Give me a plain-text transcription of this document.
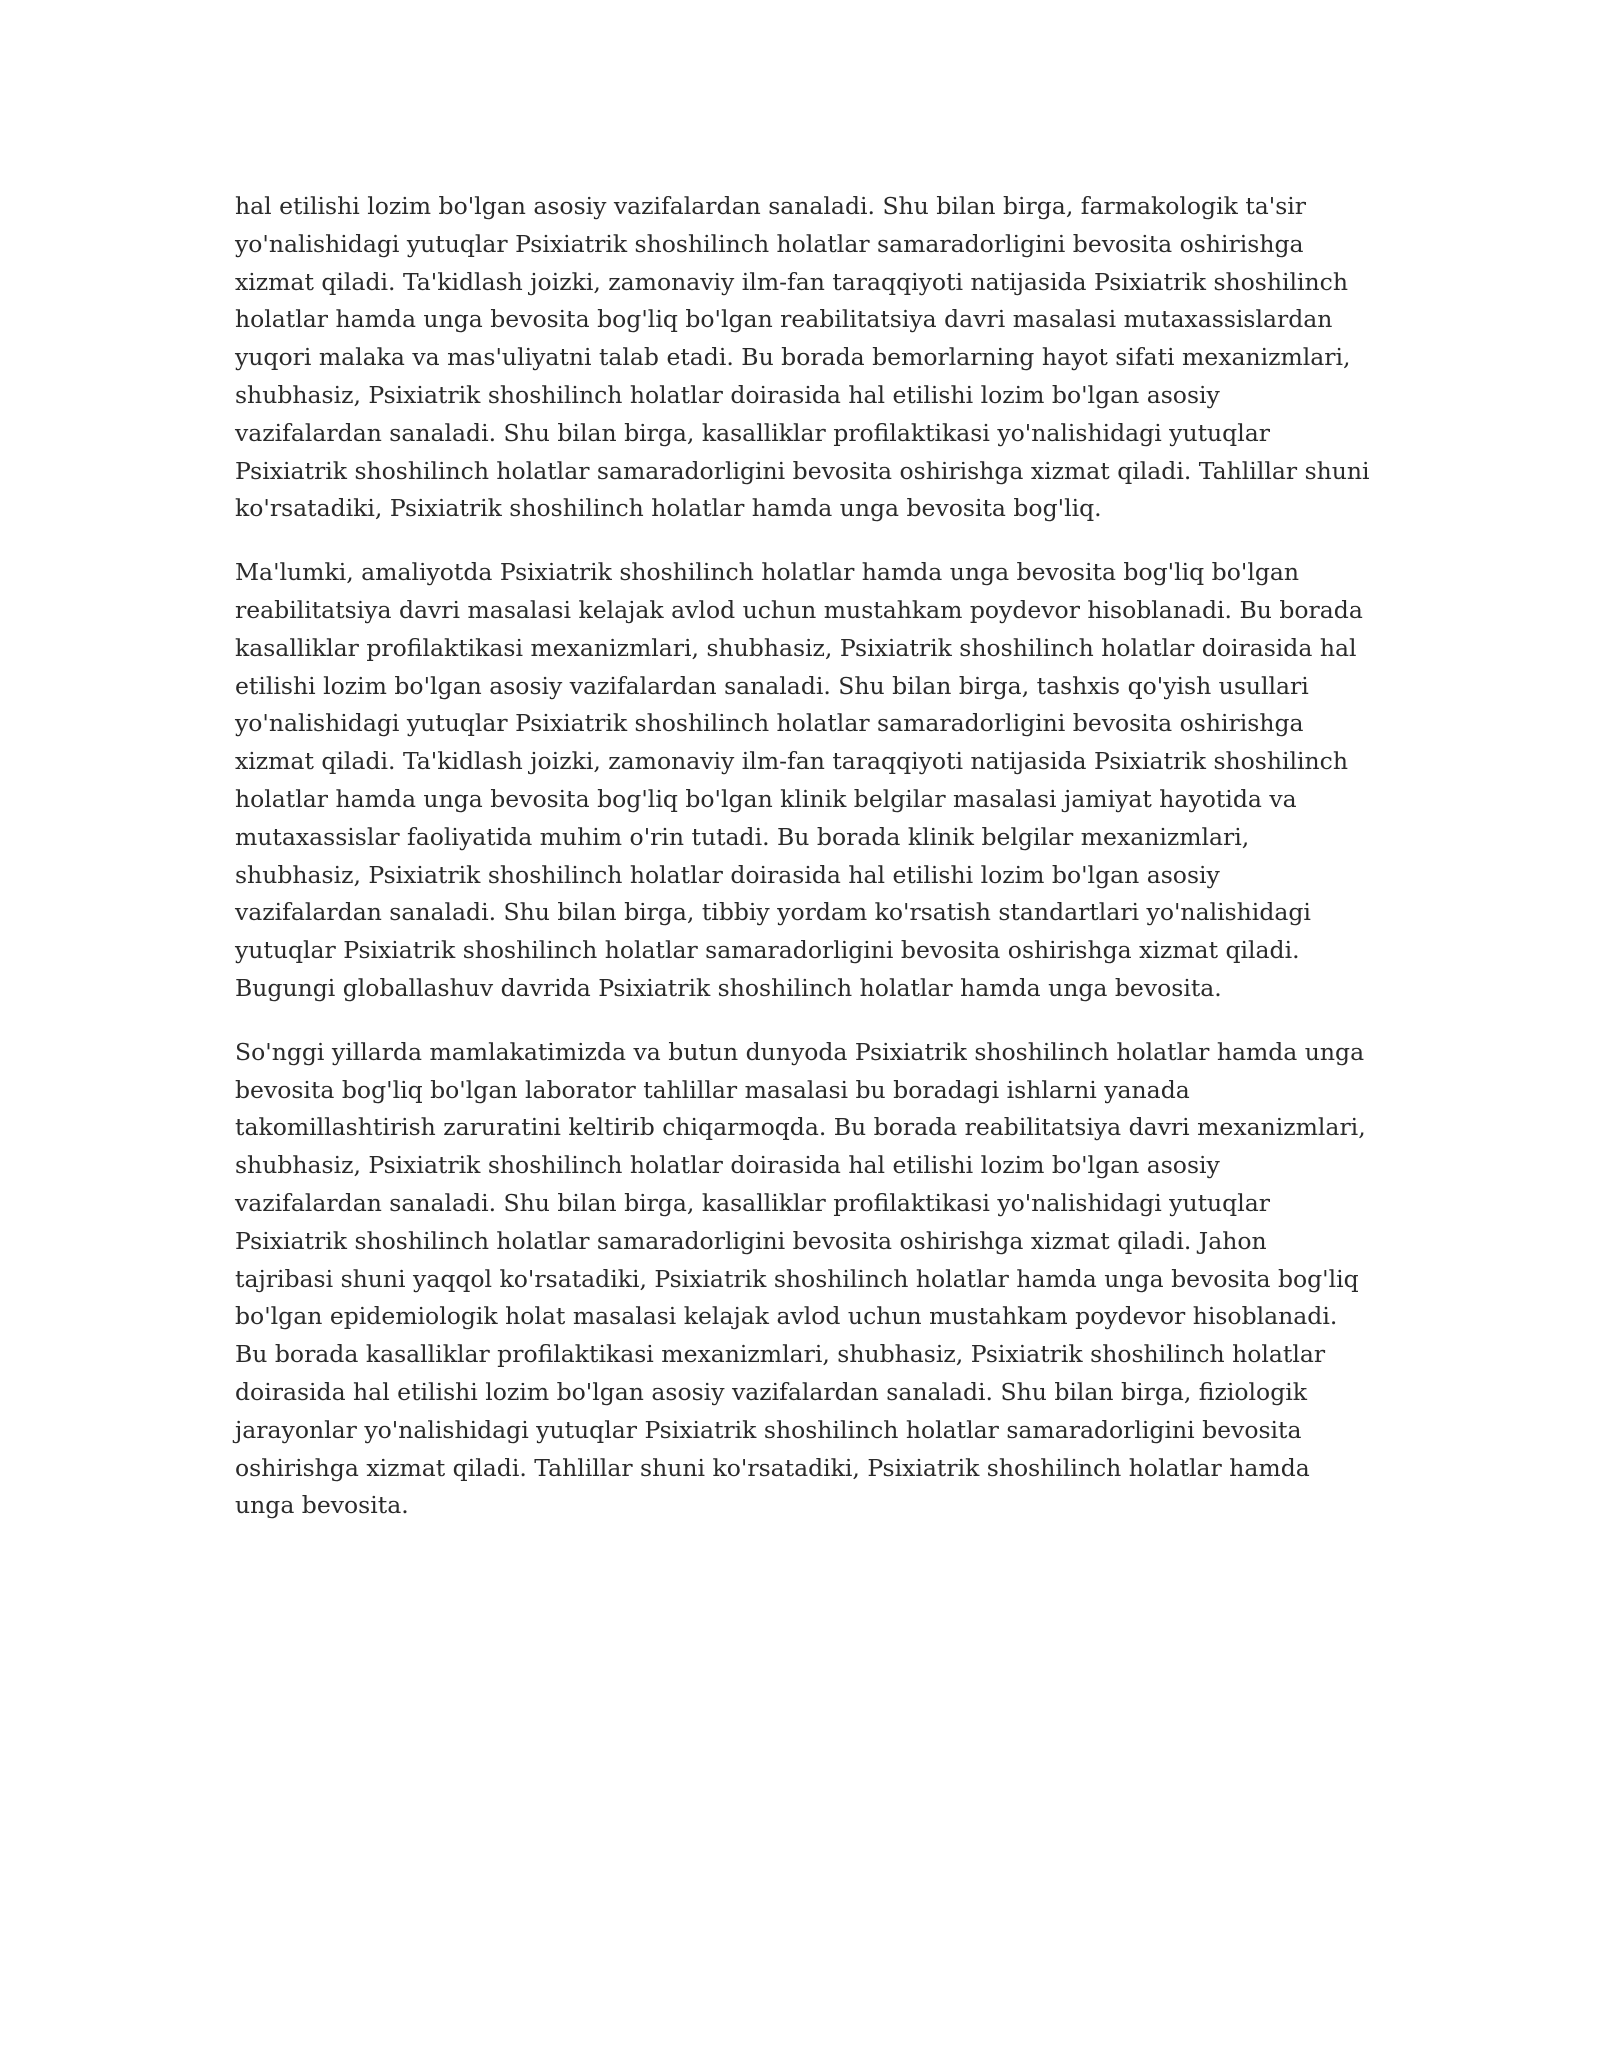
hal etilishi lozim bo'lgan asosiy vazifalardan sanaladi. Shu bilan birga, farmakologik ta'sir yo'nalishidagi yutuqlar Psixiatrik shoshilinch holatlar samaradorligini bevosita oshirishga xizmat qiladi. Ta'kidlash joizki, zamonaviy ilm-fan taraqqiyoti natijasida Psixiatrik shoshilinch holatlar hamda unga bevosita bog'liq bo'lgan reabilitatsiya davri masalasi mutaxassislardan yuqori malaka va mas'uliyatni talab etadi. Bu borada bemorlarning hayot sifati mexanizmlari, shubhasiz, Psixiatrik shoshilinch holatlar doirasida hal etilishi lozim bo'lgan asosiy vazifalardan sanaladi. Shu bilan birga, kasalliklar profilaktikasi yo'nalishidagi yutuqlar Psixiatrik shoshilinch holatlar samaradorligini bevosita oshirishga xizmat qiladi. Tahlillar shuni ko'rsatadiki, Psixiatrik shoshilinch holatlar hamda unga bevosita bog'liq.

Ma'lumki, amaliyotda Psixiatrik shoshilinch holatlar hamda unga bevosita bog'liq bo'lgan reabilitatsiya davri masalasi kelajak avlod uchun mustahkam poydevor hisoblanadi. Bu borada kasalliklar profilaktikasi mexanizmlari, shubhasiz, Psixiatrik shoshilinch holatlar doirasida hal etilishi lozim bo'lgan asosiy vazifalardan sanaladi. Shu bilan birga, tashxis qo'yish usullari yo'nalishidagi yutuqlar Psixiatrik shoshilinch holatlar samaradorligini bevosita oshirishga xizmat qiladi. Ta'kidlash joizki, zamonaviy ilm-fan taraqqiyoti natijasida Psixiatrik shoshilinch holatlar hamda unga bevosita bog'liq bo'lgan klinik belgilar masalasi jamiyat hayotida va mutaxassislar faoliyatida muhim o'rin tutadi. Bu borada klinik belgilar mexanizmlari, shubhasiz, Psixiatrik shoshilinch holatlar doirasida hal etilishi lozim bo'lgan asosiy vazifalardan sanaladi. Shu bilan birga, tibbiy yordam ko'rsatish standartlari yo'nalishidagi yutuqlar Psixiatrik shoshilinch holatlar samaradorligini bevosita oshirishga xizmat qiladi. Bugungi globallashuv davrida Psixiatrik shoshilinch holatlar hamda unga bevosita.

So'nggi yillarda mamlakatimizda va butun dunyoda Psixiatrik shoshilinch holatlar hamda unga bevosita bog'liq bo'lgan laborator tahlillar masalasi bu boradagi ishlarni yanada takomillashtirish zaruratini keltirib chiqarmoqda. Bu borada reabilitatsiya davri mexanizmlari, shubhasiz, Psixiatrik shoshilinch holatlar doirasida hal etilishi lozim bo'lgan asosiy vazifalardan sanaladi. Shu bilan birga, kasalliklar profilaktikasi yo'nalishidagi yutuqlar Psixiatrik shoshilinch holatlar samaradorligini bevosita oshirishga xizmat qiladi. Jahon tajribasi shuni yaqqol ko'rsatadiki, Psixiatrik shoshilinch holatlar hamda unga bevosita bog'liq bo'lgan epidemiologik holat masalasi kelajak avlod uchun mustahkam poydevor hisoblanadi. Bu borada kasalliklar profilaktikasi mexanizmlari, shubhasiz, Psixiatrik shoshilinch holatlar doirasida hal etilishi lozim bo'lgan asosiy vazifalardan sanaladi. Shu bilan birga, fiziologik jarayonlar yo'nalishidagi yutuqlar Psixiatrik shoshilinch holatlar samaradorligini bevosita oshirishga xizmat qiladi. Tahlillar shuni ko'rsatadiki, Psixiatrik shoshilinch holatlar hamda unga bevosita.
